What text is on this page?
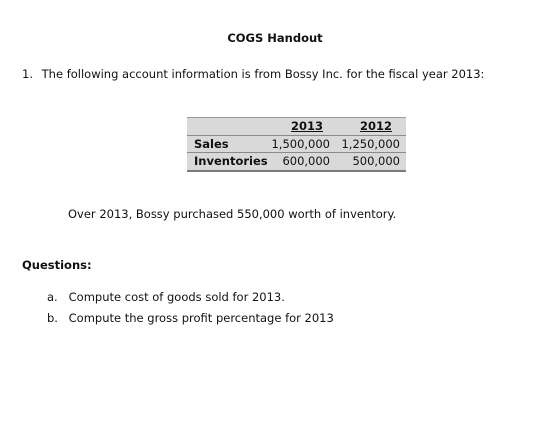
COGS Handout
1. The following account information is from Bossy Inc. for the fiscal year 2013:
2013	2012
Sales	1,500,000 1,250,000
Inventories 600,000 500,000
Over 2013, Bossy purchased 550,000 worth of inventory.
Questions:
a. Compute cost of goods sold for 2013.
b. Compute the gross profit percentage for 2013
